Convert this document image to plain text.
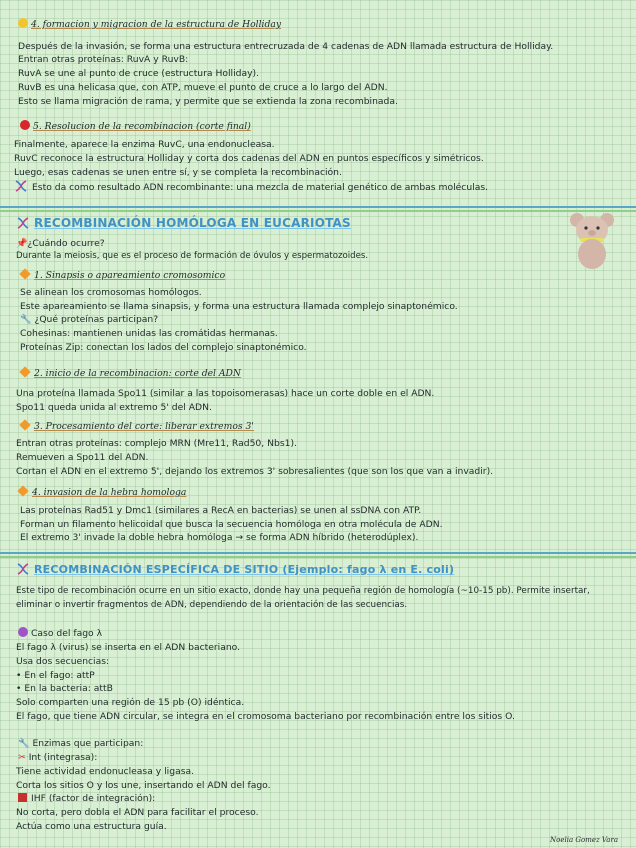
4. formacion y migracion de la estructura de Holliday
Después de la invasión, se forma una estructura entrecruzada de 4 cadenas de ADN llamada estructura de Holliday.
Entran otras proteínas: RuvA y RuvB:
RuvA se une al punto de cruce (estructura Holliday).
RuvB es una helicasa que, con ATP, mueve el punto de cruce a lo largo del ADN.
Esto se llama migración de rama, y permite que se extienda la zona recombinada.
5. Resolucion de la recombinacion (corte final)
Finalmente, aparece la enzima RuvC, una endonucleasa.
RuvC reconoce la estructura Holliday y corta dos cadenas del ADN en puntos específicos y simétricos.
Luego, esas cadenas se unen entre sí, y se completa la recombinación.
Esto da como resultado ADN recombinante: una mezcla de material genético de ambas moléculas.
RECOMBINACIÓN HOMÓLOGA EN EUCARIOTAS
📌¿Cuándo ocurre?
Durante la meiosis, que es el proceso de formación de óvulos y espermatozoides.
1. Sinapsis o apareamiento cromosomico
Se alinean los cromosomas homólogos.
Este apareamiento se llama sinapsis, y forma una estructura llamada complejo sinaptonémico.
🔧 ¿Qué proteínas participan?
Cohesinas: mantienen unidas las cromátidas hermanas.
Proteínas Zip: conectan los lados del complejo sinaptonémico.
2. inicio de la recombinacion: corte del ADN
Una proteína llamada Spo11 (similar a las topoisomerasas) hace un corte doble en el ADN.
Spo11 queda unida al extremo 5' del ADN.
3. Procesamiento del corte: liberar extremos 3'
Entran otras proteínas: complejo MRN (Mre11, Rad50, Nbs1).
Remueven a Spo11 del ADN.
Cortan el ADN en el extremo 5', dejando los extremos 3' sobresalientes (que son los que van a invadir).
4. invasion de la hebra homologa
Las proteínas Rad51 y Dmc1 (similares a RecA en bacterias) se unen al ssDNA con ATP.
Forman un filamento helicoidal que busca la secuencia homóloga en otra molécula de ADN.
El extremo 3' invade la doble hebra homóloga → se forma ADN híbrido (heterodúplex).
RECOMBINACIÓN ESPECÍFICA DE SITIO (Ejemplo: fago λ en E. coli)
Este tipo de recombinación ocurre en un sitio exacto, donde hay una pequeña región de homología (~10-15 pb). Permite insertar,
eliminar o invertir fragmentos de ADN, dependiendo de la orientación de las secuencias.
Caso del fago λ
El fago λ (virus) se inserta en el ADN bacteriano.
Usa dos secuencias:
• En el fago: attP
• En la bacteria: attB
Solo comparten una región de 15 pb (O) idéntica.
El fago, que tiene ADN circular, se integra en el cromosoma bacteriano por recombinación entre los sitios O.
🔧 Enzimas que participan:
✂ Int (integrasa):
Tiene actividad endonucleasa y ligasa.
Corta los sitios O y los une, insertando el ADN del fago.
IHF (factor de integración):
No corta, pero dobla el ADN para facilitar el proceso.
Actúa como una estructura guía.
Noelia Gomez Vara
